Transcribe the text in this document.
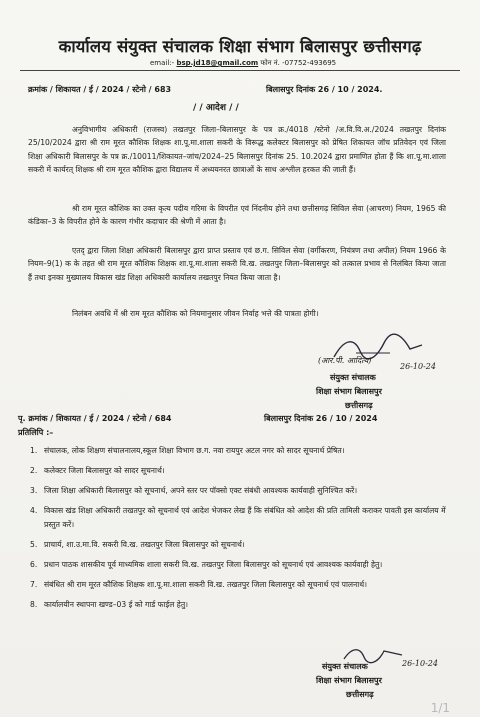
कार्यालय संयुक्त संचालक शिक्षा संभाग बिलासपुर छत्तीसगढ़
email:- bsp.jd18@gmail.com फोन नं. -07752-493695
क्रमांक / शिकायत / ई / 2024 / स्टेनो / 683	बिलासपुर दिनांक 26 / 10 / 2024.
/ / आदेश / /
अनुविभागीय अधिकारी (राजस्व) तखतपुर जिला–बिलासपुर के पत्र क्र./4018 /स्टेनो /अ.वि.वि.अ./2024 तखतपुर दिनांक 25/10/2024 द्वारा श्री राम मूरत कौशिक शिक्षक शा.पू.मा.शाला सकरी के विरूद्ध कलेक्टर बिलासपुर को प्रेषित शिकायत जॉच प्रतिवेदन एवं जिला शिक्षा अधिकारी बिलासपुर के पत्र क्र./10011/शिकायत–जांच/2024–25 बिलासपुर दिनांक 25. 10.2024 द्वारा प्रमाणित होता हैं कि शा.पू.मा.शाला सकरी में कार्यरत् शिक्षक श्री राम मूरत कौशिक द्वारा विद्यालय में अध्ययनरत छात्राओं के साथ अश्लील हरकत की जाती हैं।
श्री राम मूरत कौशिक का उक्त कृत्य पदीय गरिमा के विपरीत एवं निंदनीय होने तथा छत्तीसगढ़ सिविल सेवा (आचरण) नियम, 1965 की कंडिका–3 के विपरीत होने के कारण गंभीर कदाचार की श्रेणी में आता है।
एतद् द्वारा जिला शिक्षा अधिकारी बिलासपुर द्वारा प्राप्त प्रस्ताव एवं छ.ग. सिविल सेवा (वर्गीकरण, नियंत्रण तथा अपील) नियम 1966 के नियम–9(1) क के तहत श्री राम मूरत कौशिक शिक्षक शा.पू.मा.शाला सकरी वि.ख. तखतपुर जिला–बिलासपुर को तत्काल प्रभाव से निलंबित किया जाता हैं तथा इनका मुख्यालय विकास खंड शिक्षा अधिकारी कार्यालय तखतपुर नियत किया जाता है।
निलंबन अवधि में श्री राम मूरत कौशिक को नियमानुसार जीवन निर्वाह भत्ते की पात्रता होगी।
(आर.पी. आदित्य)
26-10-24
संयुक्त संचालक
शिक्षा संभाग बिलासपुर
छत्तीसगढ़
पृ. क्रमांक / शिकायत / ई / 2024 / स्टेनो / 684	बिलासपुर दिनांक 26 / 10 / 2024
प्रतिलिपि :–
1. संचालक, लोक शिक्षण संचालनालय,स्कूल शिक्षा विभाग छ.ग. नवा रायपुर अटल नगर को सादर सूचनार्थ प्रेषित।
2. कलेक्टर जिला बिलासपुर को सादर सूचनार्थ।
3. जिला शिक्षा अधिकारी बिलासपुर को सूचनार्थ, अपने स्तर पर पॉक्सो एक्ट संबंधी आवश्यक कार्यवाही सुनिश्चित करें।
4. विकास खंड शिक्षा अधिकारी तखतपुर को सूचनार्थ एवं आदेश भेजकर लेख हैं कि संबंधित को आदेश की प्रति तामिली कराकर पावती इस कार्यालय में प्रस्तुत करें।
5. प्राचार्य, शा.उ.मा.वि. सकरी वि.ख. तखतपुर जिला बिलासपुर को सूचनार्थ।
6. प्रधान पाठक शासकीय पूर्व माध्यमिक शाला सकरी वि.ख. तखतपुर जिला बिलासपुर को सूचनार्थ एवं आवश्यक कार्यवाही हेतु।
7. संबंधित श्री राम मूरत कौशिक शिक्षक शा.पू.मा.शाला सकरी वि.ख. तखतपुर जिला बिलासपुर को सूचनार्थ एवं पालनार्थ।
8. कार्यालयीन स्थापना खण्ड–03 ई को गार्ड फाईल हेतु।
संयुक्त संचालक	26-10-24
शिक्षा संभाग बिलासपुर
छत्तीसगढ़
1/1
